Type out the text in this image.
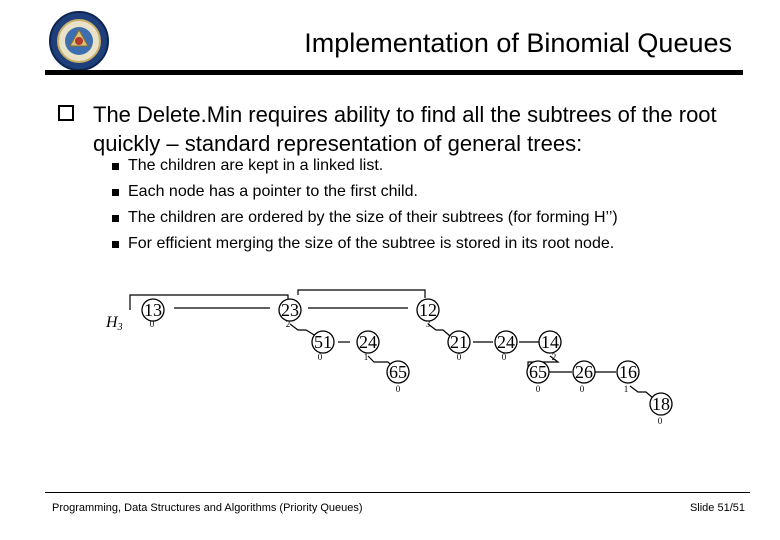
Implementation of Binomial Queues
The Delete.Min requires ability to find all the subtrees of the root quickly – standard representation of general trees:
The children are kept in a linked list.
Each node has a pointer to the first child.
The children are ordered by the size of their subtrees (for forming H’’)
For efficient merging the size of the subtree is stored in its root node.
13	23	12
51 24
65
21 24 14
65 26 16
18
0	2	3
0	1
0
0	0	2
0	0	1
0
H3
Programming, Data Structures and Algorithms (Priority Queues)	Slide 51/51
